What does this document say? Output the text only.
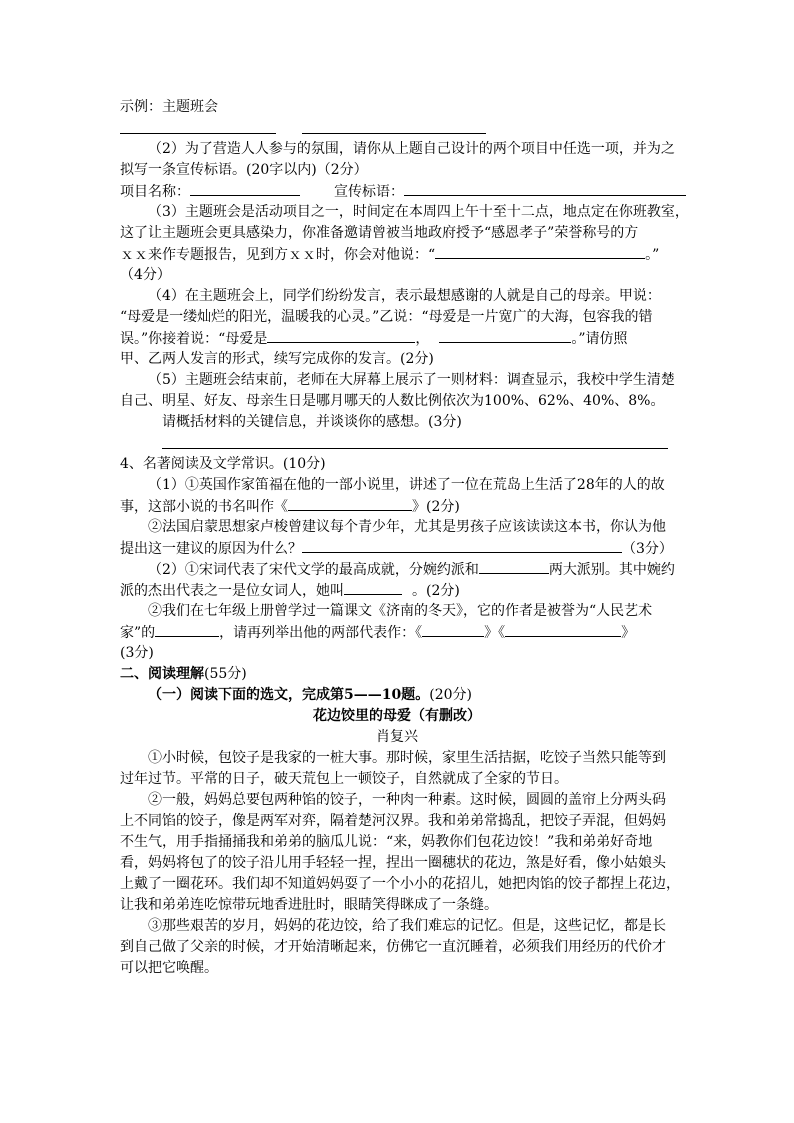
示例：主题班会
（2）为了营造人人参与的氛围，请你从上题自己设计的两个项目中任选一项，并为之
拟写一条宣传标语。(20字以内)（2分）
项目名称：	宣传标语：
（3）主题班会是活动项目之一，时间定在本周四上午十至十二点，地点定在你班教室，
这了让主题班会更具感染力，你准备邀请曾被当地政府授予“感恩孝子”荣誉称号的方
ｘｘ来作专题报告，见到方ｘｘ时，你会对他说：“	。”
（4分）
（4）在主题班会上，同学们纷纷发言，表示最想感谢的人就是自己的母亲。甲说：
“母爱是一缕灿烂的阳光，温暖我的心灵。”乙说：“母爱是一片宽广的大海，包容我的错
误。”你接着说：“母爱是	，	。”请仿照
甲、乙两人发言的形式，续写完成你的发言。(2分)
（5）主题班会结束前，老师在大屏幕上展示了一则材料：调查显示，我校中学生清楚
自己、明星、好友、母亲生日是哪月哪天的人数比例依次为100%、62%、40%、8%。
请概括材料的关键信息，并谈谈你的感想。(3分)
4、名著阅读及文学常识。(10分)
（1）①英国作家笛福在他的一部小说里，讲述了一位在荒岛上生活了28年的人的故
事，这部小说的书名叫作《	》(2分)
②法国启蒙思想家卢梭曾建议每个青少年，尤其是男孩子应该读读这本书，你认为他
提出这一建议的原因为什么？	（3分）
（2）①宋词代表了宋代文学的最高成就，分婉约派和	两大派别。其中婉约
派的杰出代表之一是位女词人，她叫	。(2分)
②我们在七年级上册曾学过一篇课文《济南的冬天》，它的作者是被誉为“人民艺术
家”的	，请再列举出他的两部代表作：《	》《	》
(3分)
二、阅读理解(55分)
（一）阅读下面的选文，完成第5——10题。(20分)
花边饺里的母爱（有删改）
肖复兴
①小时候，包饺子是我家的一桩大事。那时候，家里生活拮据，吃饺子当然只能等到
过年过节。平常的日子，破天荒包上一顿饺子，自然就成了全家的节日。
②一般，妈妈总要包两种馅的饺子，一种肉一种素。这时候，圆圆的盖帘上分两头码
上不同馅的饺子，像是两军对弈，隔着楚河汉界。我和弟弟常捣乱，把饺子弄混，但妈妈
不生气，用手指捅捅我和弟弟的脑瓜儿说：“来，妈教你们包花边饺！”我和弟弟好奇地
看，妈妈将包了的饺子沿儿用手轻轻一捏，捏出一圈穗状的花边，煞是好看，像小姑娘头
上戴了一圈花环。我们却不知道妈妈耍了一个小小的花招儿，她把肉馅的饺子都捏上花边，
让我和弟弟连吃惊带玩地香进肚时，眼睛笑得眯成了一条缝。
③那些艰苦的岁月，妈妈的花边饺，给了我们难忘的记忆。但是，这些记忆，都是长
到自己做了父亲的时候，才开始清晰起来，仿佛它一直沉睡着，必须我们用经历的代价才
可以把它唤醒。
